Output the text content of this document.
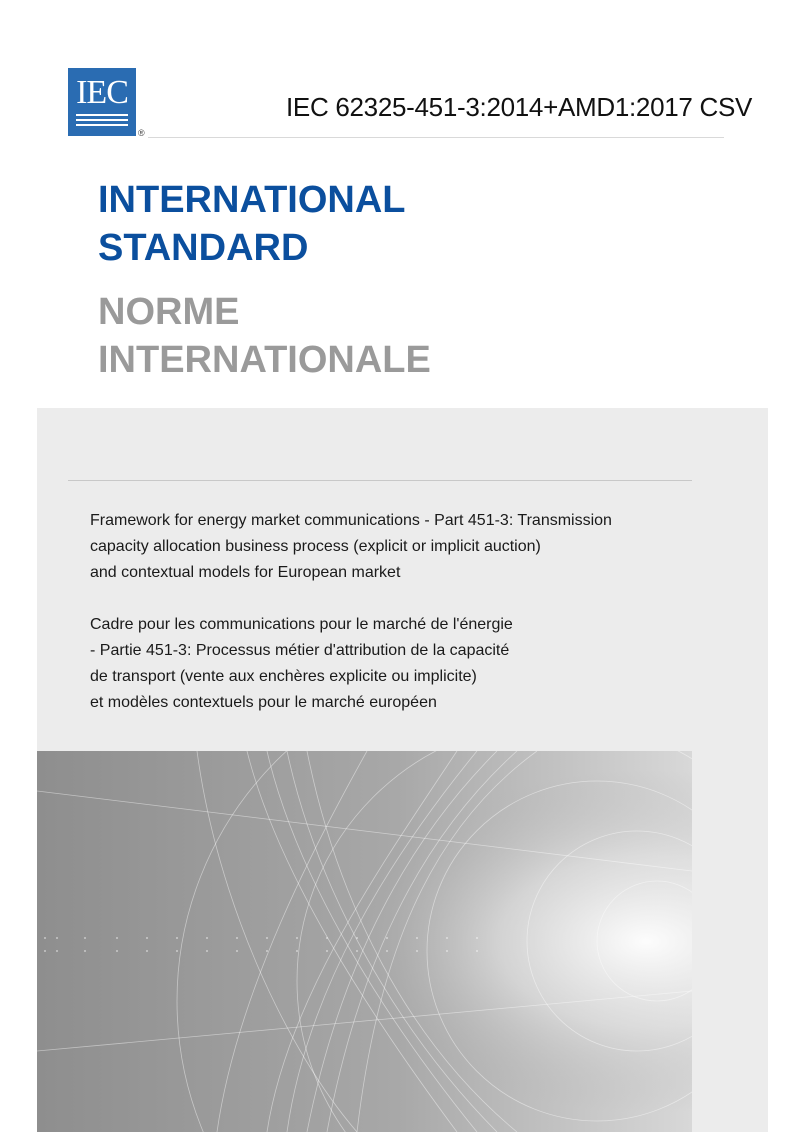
IEC
®
IEC 62325-451-3:2014+AMD1:2017 CSV
INTERNATIONAL
STANDARD
NORME
INTERNATIONALE

Framework for energy market communications - Part 451-3: Transmission
capacity allocation business process (explicit or implicit auction)
and contextual models for European market

Cadre pour les communications pour le marché de l'énergie
- Partie 451-3: Processus métier d'attribution de la capacité
de transport (vente aux enchères explicite ou implicite)
et modèles contextuels pour le marché européen
